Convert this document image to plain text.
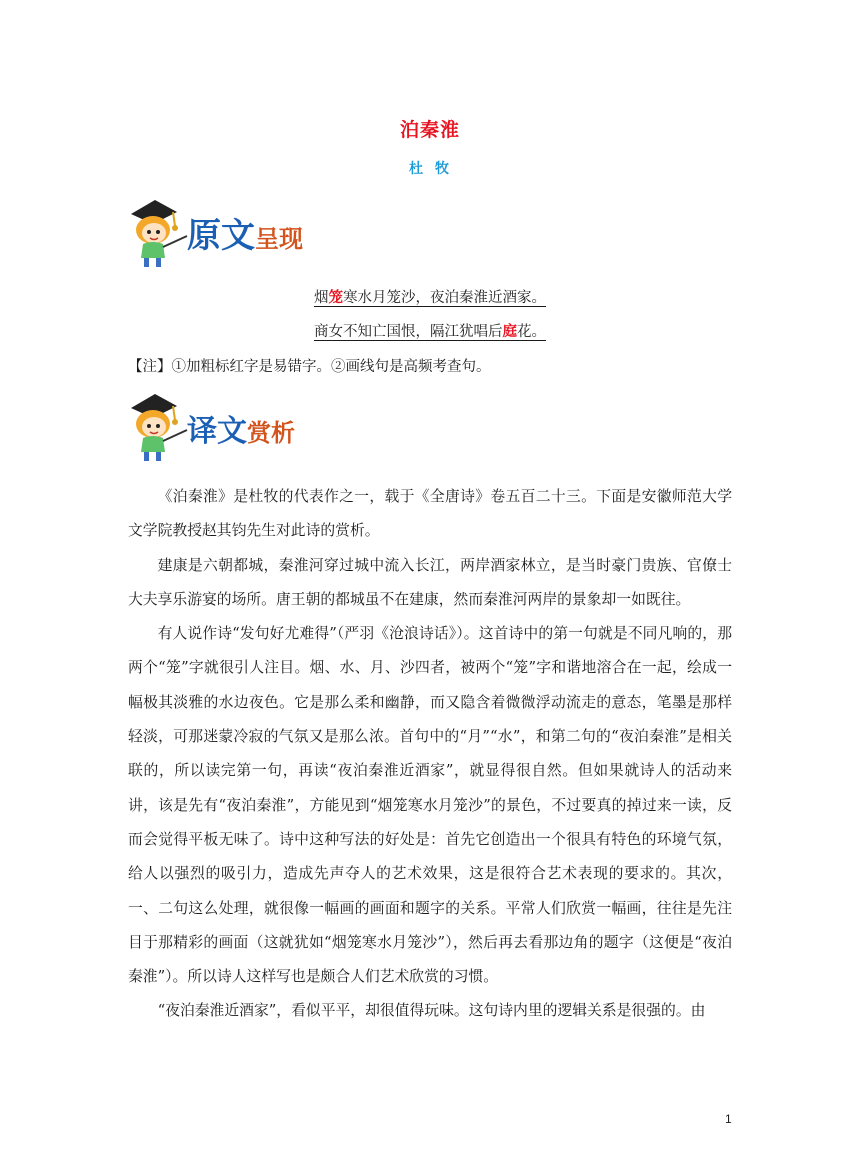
泊秦淮
杜牧
原文呈现
烟笼寒水月笼沙，夜泊秦淮近酒家。
商女不知亡国恨，隔江犹唱后庭花。
【注】①加粗标红字是易错字。②画线句是高频考查句。
译文赏析

《泊秦淮》是杜牧的代表作之一，载于《全唐诗》卷五百二十三。下面是安徽师范大学文学院教授赵其钧先生对此诗的赏析。

建康是六朝都城，秦淮河穿过城中流入长江，两岸酒家林立，是当时豪门贵族、官僚士大夫享乐游宴的场所。唐王朝的都城虽不在建康，然而秦淮河两岸的景象却一如既往。

有人说作诗“发句好尤难得”（严羽《沧浪诗话》）。这首诗中的第一句就是不同凡响的，那两个“笼”字就很引人注目。烟、水、月、沙四者，被两个“笼”字和谐地溶合在一起，绘成一幅极其淡雅的水边夜色。它是那么柔和幽静，而又隐含着微微浮动流走的意态，笔墨是那样轻淡，可那迷蒙冷寂的气氛又是那么浓。首句中的“月”“水”，和第二句的“夜泊秦淮”是相关联的，所以读完第一句，再读“夜泊秦淮近酒家”，就显得很自然。但如果就诗人的活动来讲，该是先有“夜泊秦淮”，方能见到“烟笼寒水月笼沙”的景色，不过要真的掉过来一读，反而会觉得平板无味了。诗中这种写法的好处是：首先它创造出一个很具有特色的环境气氛，给人以强烈的吸引力，造成先声夺人的艺术效果，这是很符合艺术表现的要求的。其次，一、二句这么处理，就很像一幅画的画面和题字的关系。平常人们欣赏一幅画，往往是先注目于那精彩的画面（这就犹如“烟笼寒水月笼沙”），然后再去看那边角的题字（这便是“夜泊秦淮”）。所以诗人这样写也是颇合人们艺术欣赏的习惯。

“夜泊秦淮近酒家”，看似平平，却很值得玩味。这句诗内里的逻辑关系是很强的。由

1
